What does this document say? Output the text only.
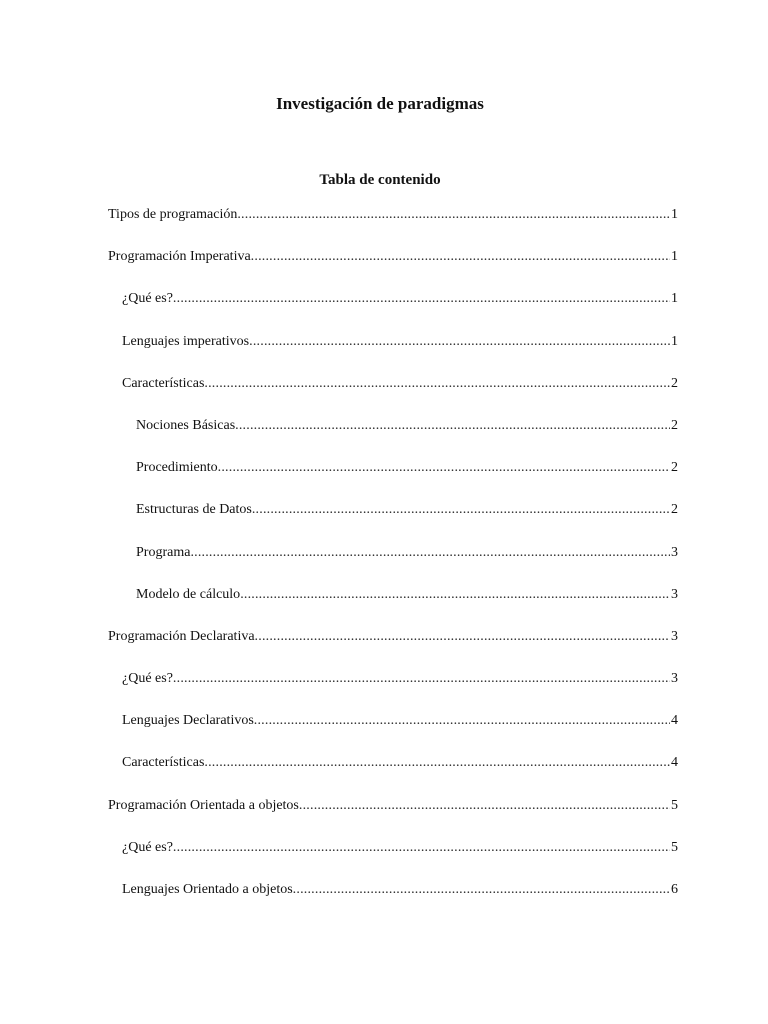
Investigación de paradigmas
Tabla de contenido
Tipos de programación .....	1
Programación Imperativa .....	1
¿Qué es? .....	1
Lenguajes imperativos .....	1
Características .....	2
Nociones Básicas .....	2
Procedimiento .....	2
Estructuras de Datos .....	2
Programa .....	3
Modelo de cálculo .....	3
Programación Declarativa .....	3
¿Qué es? .....	3
Lenguajes Declarativos .....	4
Características .....	4
Programación Orientada a objetos .....	5
¿Qué es? .....	5
Lenguajes Orientado a objetos .....	6
